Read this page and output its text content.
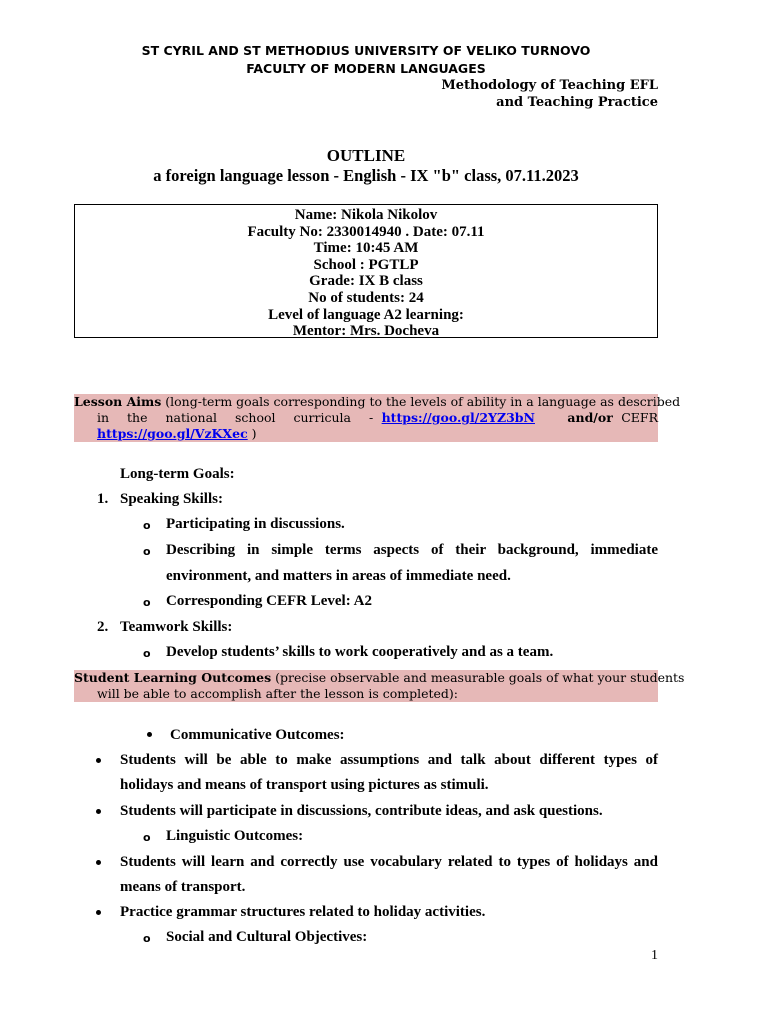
ST CYRIL AND ST METHODIUS UNIVERSITY OF VELIKO TURNOVO
FACULTY OF MODERN LANGUAGES
Methodology of Teaching EFL
and Teaching Practice
OUTLINE
a foreign language lesson - English - IX "b" class, 07.11.2023
Name: Nikola Nikolov
Faculty No: 2330014940 . Date: 07.11
Time: 10:45 AM
School : PGTLP
Grade: IX B class
No of students: 24
Level of language A2 learning:
Mentor: Mrs. Docheva
Lesson Aims (long-term goals corresponding to the levels of ability in a language as described
in the national school curricula - https://goo.gl/2YZ3bN	and/or CEFR
https://goo.gl/VzKXec )
Long-term Goals:
1. Speaking Skills:
o Participating in discussions.
o Describing in simple terms aspects of their background, immediate
environment, and matters in areas of immediate need.
o Corresponding CEFR Level: A2
2. Teamwork Skills:
o Develop students’ skills to work cooperatively and as a team.
Student Learning Outcomes (precise observable and measurable goals of what your students
will be able to accomplish after the lesson is completed):
Communicative Outcomes:
Students will be able to make assumptions and talk about different types of
holidays and means of transport using pictures as stimuli.
Students will participate in discussions, contribute ideas, and ask questions.
o Linguistic Outcomes:
Students will learn and correctly use vocabulary related to types of holidays and
means of transport.
Practice grammar structures related to holiday activities.
o Social and Cultural Objectives:
1
